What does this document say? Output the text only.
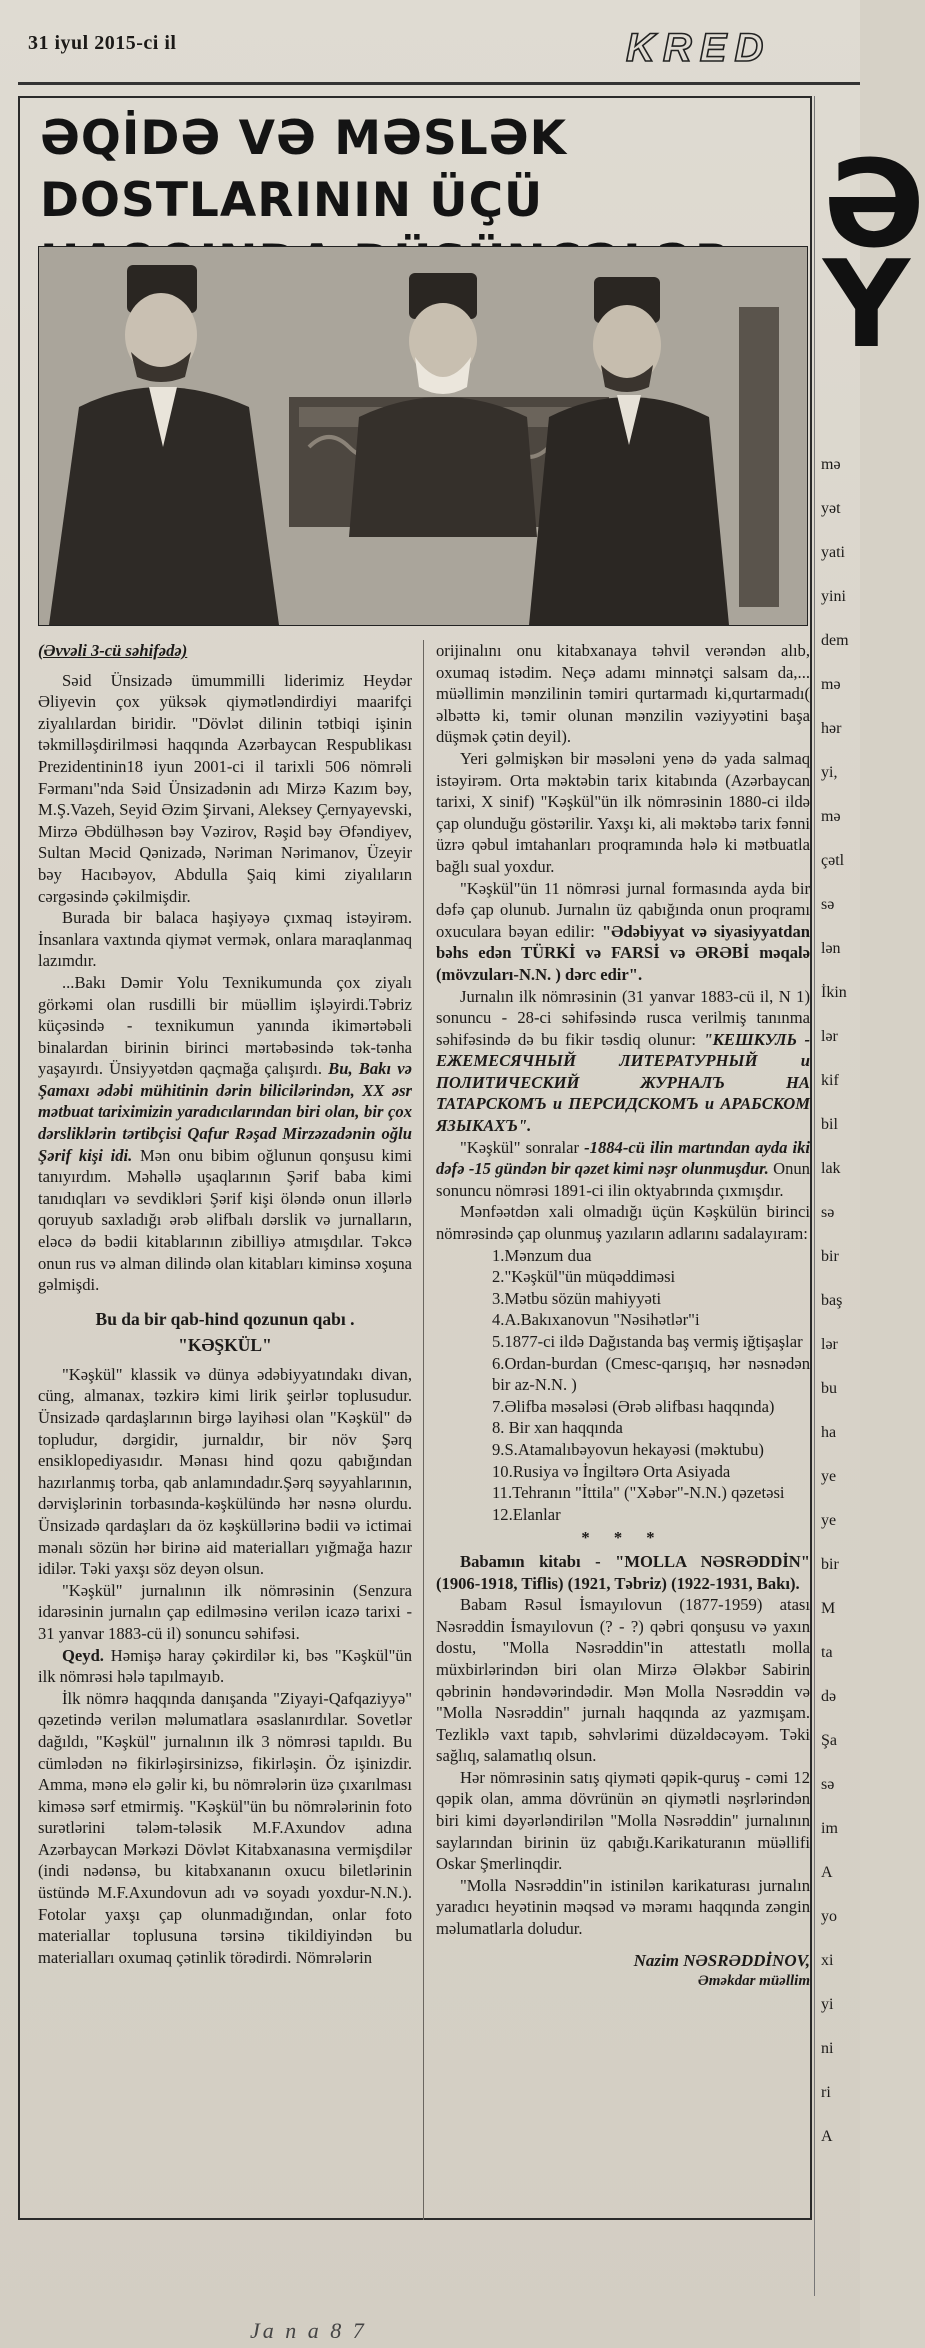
31 iyul 2015-ci il	KRED
Ə
Y
mə
yət
yati
yini
dem
mə
hər
yi,
mə
çətl
sə
lən
İkin
lər
kif
bil
lak
sə
bir
baş
lər
bu
ha
ye
ye
bir
M
ta
də
Şa
sə
im
A
yo
xi
yi
ni
ri
A
ƏQİDƏ VƏ MƏSLƏK DOSTLARININ ÜÇÜ

(Əvvəli 3-cü səhifədə)

Səid Ünsizadə ümummilli liderimiz Heydər Əliyevin çox yüksək qiymətləndirdiyi maarifçi ziyalılardan biridir. "Dövlət dilinin tətbiqi işinin təkmilləşdirilməsi haqqında Azərbaycan Respublikası Prezidentinin18 iyun 2001-ci il tarixli 506 nömrəli Fərmanı"nda Səid Ünsizadənin adı Mirzə Kazım bəy, M.Ş.Vazeh, Seyid Əzim Şirvani, Aleksey Çernyayevski, Mirzə Əbdülhəsən bəy Vəzirov, Rəşid bəy Əfəndiyev, Sultan Məcid Qənizadə, Nəriman Nərimanov, Üzeyir bəy Hacıbəyov, Abdulla Şaiq kimi ziyalıların cərgəsində çəkilmişdir.

Burada bir balaca haşiyəyə çıxmaq istəyirəm. İnsanlara vaxtında qiymət vermək, onlara maraqlanmaq lazımdır.

...Bakı Dəmir Yolu Texnikumunda çox ziyalı görkəmi olan rusdilli bir müəllim işləyirdi.Təbriz küçəsində - texnikumun yanında ikimərtəbəli binalardan birinin birinci mərtəbəsində tək-tənha yaşayırdı. Ünsiyyətdən qaçmağa çalışırdı. Bu, Bakı və Şamaxı ədəbi mühitinin dərin bilicilərindən, XX əsr mətbuat tariximizin yaradıcılarından biri olan, bir çox dərsliklərin tərtibçisi Qafur Rəşad Mirzəzadənin oğlu Şərif kişi idi. Mən onu bibim oğlunun qonşusu kimi tanıyırdım. Məhəllə uşaqlarının Şərif baba kimi tanıdıqları və sevdikləri Şərif kişi öləndə onun illərlə qoruyub saxladığı ərəb əlifbalı dərslik və jurnalların, eləcə də bədii kitablarının zibilliyə atmışdılar. Təkcə onun rus və alman dilində olan kitabları kiminsə xoşuna gəlmişdi.

Bu da bir qab-hind qozunun qabı .
"KƏŞKÜL"

"Kəşkül" klassik və dünya ədəbiyyatındakı divan, cüng, almanax, təzkirə kimi lirik şeirlər toplusudur. Ünsizadə qardaşlarının birgə layihəsi olan "Kəşkül" də topludur, dərgidir, jurnaldır, bir növ Şərq ensiklopediyasıdır. Mənası hind qozu qabığından hazırlanmış torba, qab anlamındadır.Şərq səyyahlarının, dərvişlərinin torbasında-kəşkülündə hər nəsnə olurdu. Ünsizadə qardaşları da öz kəşküllərinə bədii və ictimai mənalı sözün hər birinə aid materialları yığmağa hazır idilər. Təki yaxşı söz deyən olsun.

"Kəşkül" jurnalının ilk nömrəsinin (Senzura idarəsinin jurnalın çap edilməsinə verilən icazə tarixi - 31 yanvar 1883-cü il) sonuncu səhifəsi.

Qeyd. Həmişə haray çəkirdilər ki, bəs "Kəşkül"ün ilk nömrəsi hələ tapılmayıb.

İlk nömrə haqqında danışanda "Ziyayi-Qafqaziyyə" qəzetində verilən məlumatlara əsaslanırdılar. Sovetlər dağıldı, "Kəşkül" jurnalının ilk 3 nömrəsi tapıldı. Bu cümlədən nə fikirləşirsinizsə, fikirləşin. Öz işinizdir. Amma, mənə elə gəlir ki, bu nömrələrin üzə çıxarılması kiməsə sərf etmirmiş. "Kəşkül"ün bu nömrələrinin foto surətlərini tələm-tələsik M.F.Axundov adına Azərbaycan Mərkəzi Dövlət Kitabxanasına vermişdilər (indi nədənsə, bu kitabxananın oxucu biletlərinin üstündə M.F.Axundovun adı və soyadı yoxdur-N.N.). Fotolar yaxşı çap olunmadığından, onlar foto materiallar toplusuna tərsinə tikildiyindən bu materialları oxumaq çətinlik törədirdi. Nömrələrin

orijinalını onu kitabxanaya təhvil verəndən alıb, oxumaq istədim. Neçə adamı minnətçi salsam da,... müəllimin mənzilinin təmiri qurtarmadı ki,qurtarmadı( əlbəttə ki, təmir olunan mənzilin vəziyyətini başa düşmək çətin deyil).

Yeri gəlmişkən bir məsələni yenə də yada salmaq istəyirəm. Orta məktəbin tarix kitabında (Azərbaycan tarixi, X sinif) "Kəşkül"ün ilk nömrəsinin 1880-ci ildə çap olunduğu göstərilir. Yaxşı ki, ali məktəbə tarix fənni üzrə qəbul imtahanları proqramında hələ ki mətbuatla bağlı sual yoxdur.

"Kəşkül"ün 11 nömrəsi jurnal formasında ayda bir dəfə çap olunub. Jurnalın üz qabığında onun proqramı oxuculara bəyan edilir: "Ədəbiyyat və siyasiyyatdan bəhs edən TÜRKİ və FARSİ və ƏRƏBİ məqalə (mövzuları-N.N. ) dərc edir".

Jurnalın ilk nömrəsinin (31 yanvar 1883-cü il, N 1) sonuncu - 28-ci səhifəsində rusca verilmiş tanınma səhifəsində də bu fikir təsdiq olunur: "КЕШКУЛЬ - ЕЖЕМЕСЯЧНЫЙ ЛИТЕРАТУРНЫЙ и ПОЛИТИЧЕСКИЙ ЖУРНАЛЪ НА ТАТАРСКОМЪ и ПЕРСИДСКОМЪ и АРАБСКОМ ЯЗЫКАХЪ".

"Kəşkül" sonralar -1884-cü ilin martından ayda iki dəfə -15 gündən bir qəzet kimi nəşr olunmuşdur. Onun sonuncu nömrəsi 1891-ci ilin oktyabrında çıxmışdır.

Mənfəətdən xali olmadığı üçün Kəşkülün birinci nömrəsində çap olunmuş yazıların adlarını sadalayıram:

1.Mənzum dua

2."Kəşkül"ün müqəddiməsi

3.Mətbu sözün mahiyyəti

4.A.Bakıxanovun "Nəsihətlər"i

5.1877-ci ildə Dağıstanda baş vermiş iğtişaşlar

6.Ordan-burdan (Cmesc-qarışıq, hər nəsnədən bir az-N.N. )

7.Əlifba məsələsi (Ərəb əlifbası haqqında)

8. Bir xan haqqında

9.S.Atamalıbəyovun hekayəsi (məktubu)

10.Rusiya və İngiltərə Orta Asiyada

11.Tehranın "İttila" ("Xəbər"-N.N.) qəzetəsi

12.Elanlar

* * *

Babamın kitabı - "MOLLA NƏSRƏDDİN" (1906-1918, Tiflis) (1921, Təbriz) (1922-1931, Bakı).

Babam Rəsul İsmayılovun (1877-1959) atası Nəsrəddin İsmayılovun (? - ?) qəbri qonşusu və yaxın dostu, "Molla Nəsrəddin"in attestatlı molla müxbirlərindən biri olan Mirzə Ələkbər Sabirin qəbrinin həndəvərindədir. Mən Molla Nəsrəddin və "Molla Nəsrəddin" jurnalı haqqında az yazmışam. Tezliklə vaxt tapıb, səhvlərimi düzəldəcəyəm. Təki sağlıq, salamatlıq olsun.

Hər nömrəsinin satış qiyməti qəpik-quruş - cəmi 12 qəpik olan, amma dövrünün ən qiymətli nəşrlərindən biri kimi dəyərləndirilən "Molla Nəsrəddin" jurnalının saylarından birinin üz qabığı.Karikaturanın müəllifi Oskar Şmerlinqdir.

"Molla Nəsrəddin"in istinilən karikaturası jurnalın yaradıcı heyətinin məqsəd və məramı haqqında zəngin məlumatlarla doludur.

Nazim NƏSRƏDDİNOV,

Əməkdar müəllim

Ja n a 8 7
